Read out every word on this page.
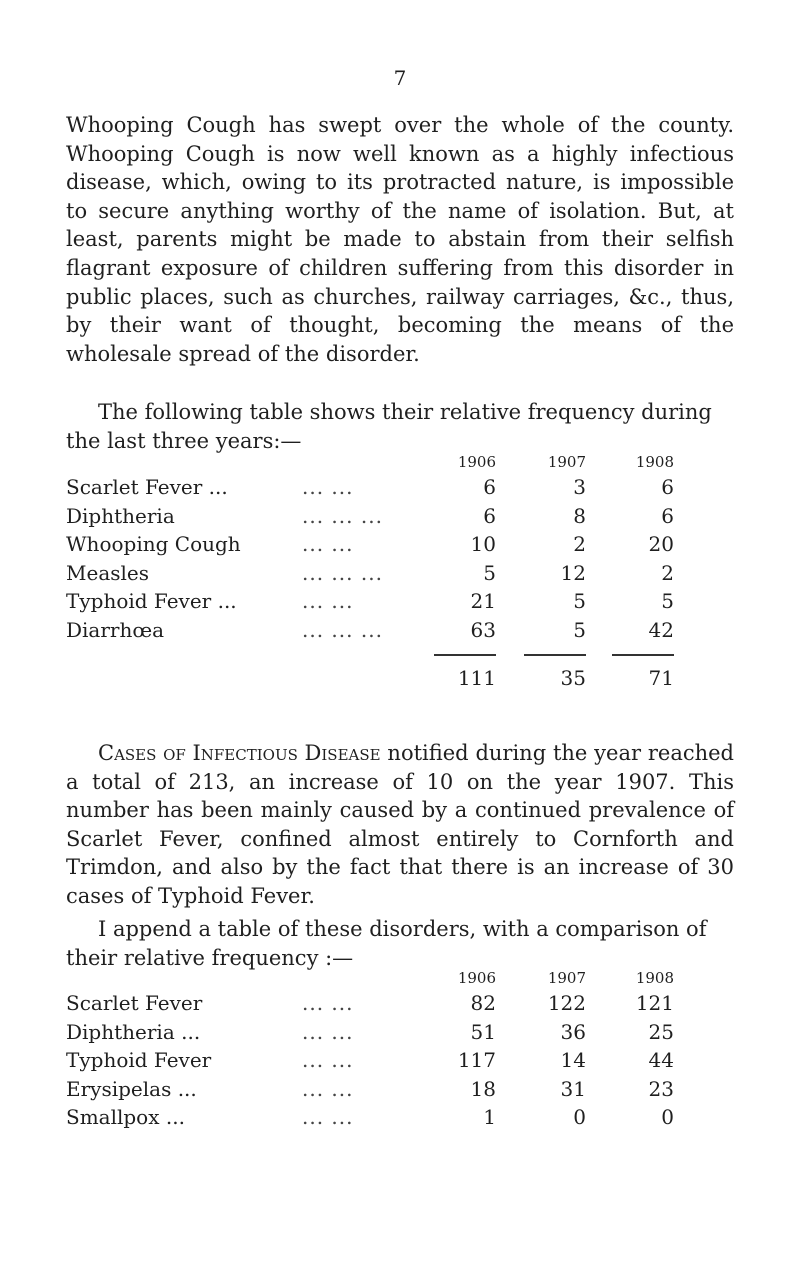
7

Whooping Cough has swept over the whole of the county. Whooping Cough is now well known as a highly infectious disease, which, owing to its protracted nature, is impossible to secure anything worthy of the name of isolation. But, at least, parents might be made to abstain from their selfish flagrant exposure of children suffering from this disorder in public places, such as churches, railway carriages, &c., thus, by their want of thought, becoming the means of the wholesale spread of the disorder.

The following table shows their relative frequency during the last three years:—

1906	1907	1908
Scarlet Fever ...	... ...	6	3	6
Diphtheria	... ... ...	6	8	6
Whooping Cough	... ...	10	2	20
Measles	... ... ...	5	12	2
Typhoid Fever ...	... ...	21	5	5
Diarrhœa	... ... ...	63	5	42
111	35	71

Cases of Infectious Disease notified during the year reached a total of 213, an increase of 10 on the year 1907. This number has been mainly caused by a continued prevalence of Scarlet Fever, confined almost entirely to Cornforth and Trimdon, and also by the fact that there is an increase of 30 cases of Typhoid Fever.

I append a table of these disorders, with a comparison of their relative frequency :—

1906	1907	1908
Scarlet Fever	... ...	82	122	121
Diphtheria ...	... ...	51	36	25
Typhoid Fever	... ...	117	14	44
Erysipelas ...	... ...	18	31	23
Smallpox ...	... ...	1	0	0
